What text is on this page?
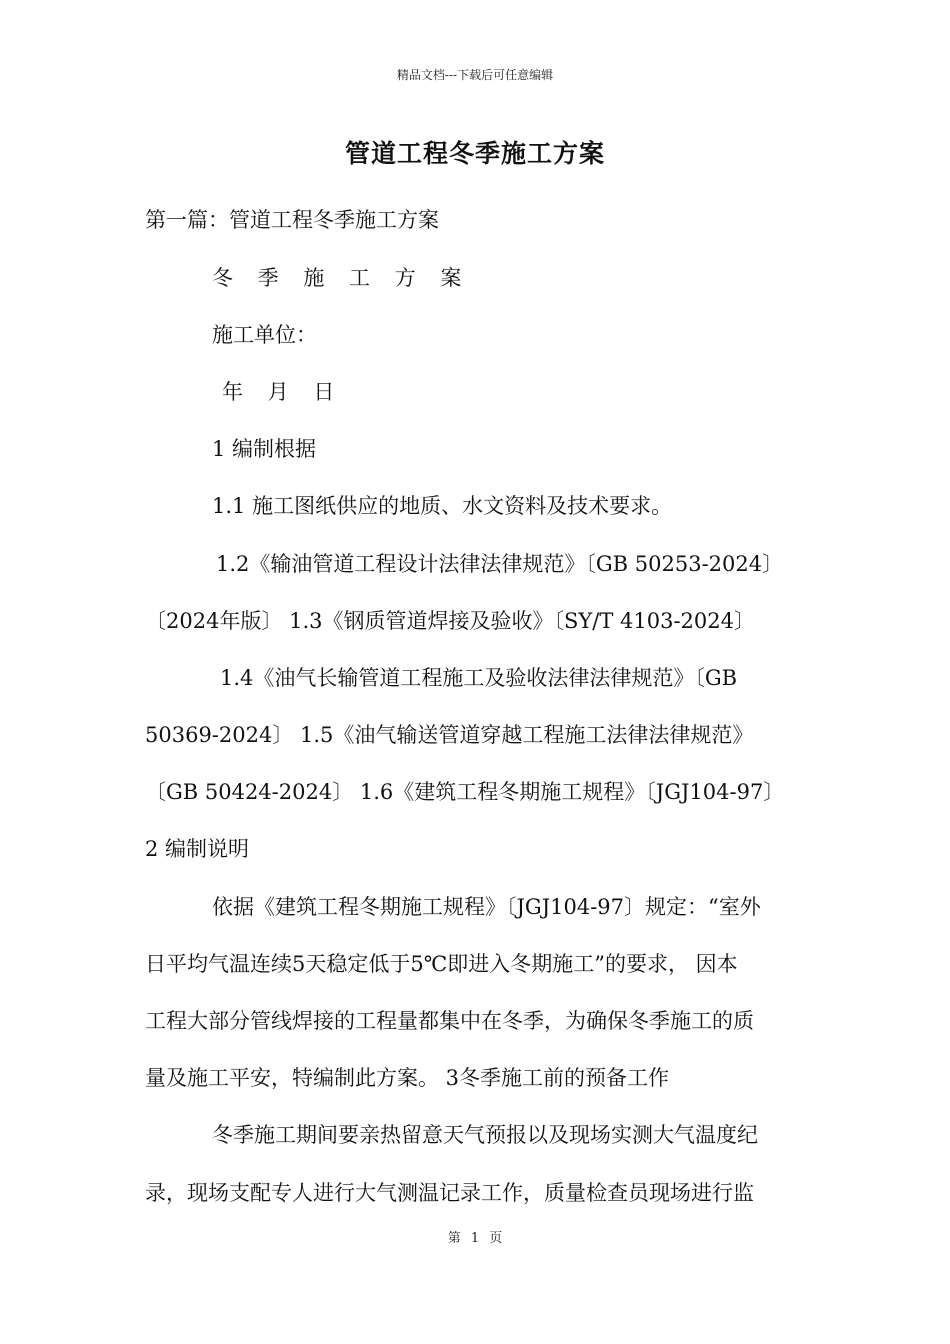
精品文档---下载后可任意编辑
管道工程冬季施工方案
第一篇：管道工程冬季施工方案
冬 季 施 工 方 案
施工单位：
年 月 日
1 编制根据
1.1 施工图纸供应的地质、水文资料及技术要求。
1.2《输油管道工程设计法律法律规范》〔GB 50253-2024〕
〔2024年版〕 1.3《钢质管道焊接及验收》〔SY/T 4103-2024〕
1.4《油气长输管道工程施工及验收法律法律规范》〔GB
50369-2024〕 1.5《油气输送管道穿越工程施工法律法律规范》
〔GB 50424-2024〕 1.6《建筑工程冬期施工规程》〔JGJ104-97〕
2 编制说明
依据《建筑工程冬期施工规程》〔JGJ104-97〕规定：“室外
日平均气温连续5天稳定低于5℃即进入冬期施工”的要求， 因本
工程大部分管线焊接的工程量都集中在冬季，为确保冬季施工的质
量及施工平安，特编制此方案。 3冬季施工前的预备工作
冬季施工期间要亲热留意天气预报以及现场实测大气温度纪
录，现场支配专人进行大气测温记录工作，质量检查员现场进行监
第 1 页
